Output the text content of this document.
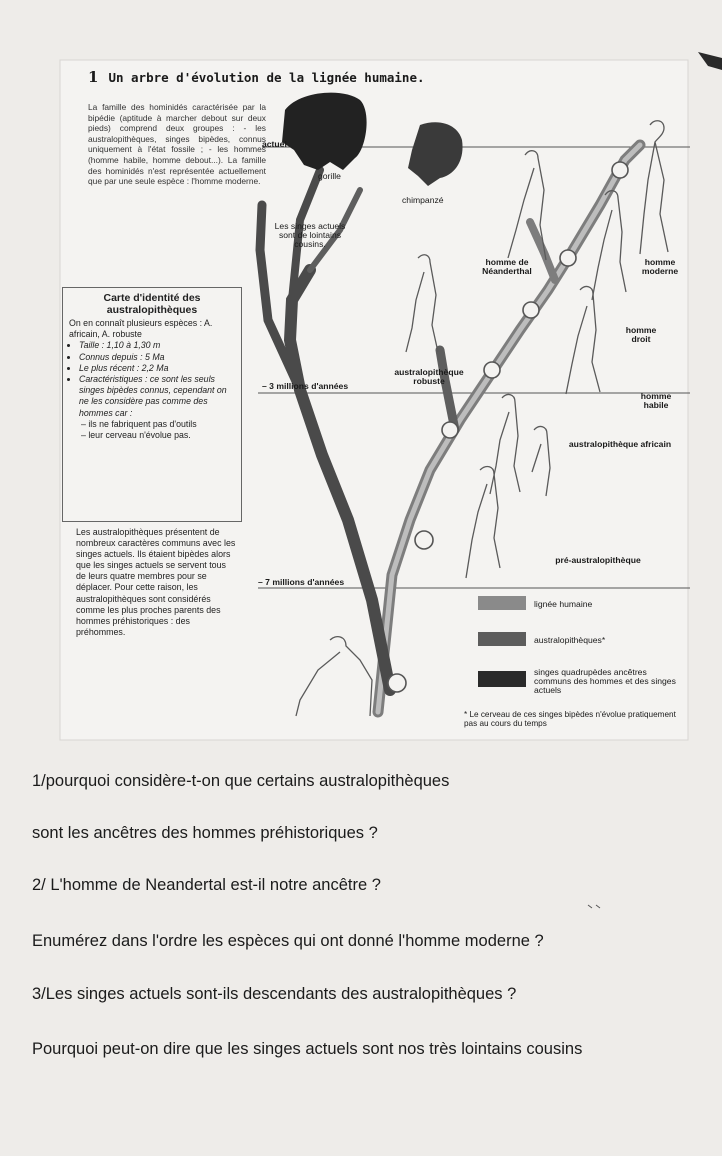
1 Un arbre d'évolution de la lignée humaine.
La famille des hominidés caractérisée par la bipédie (aptitude à marcher debout sur deux pieds) comprend deux groupes : - les australopithèques, singes bipèdes, connus uniquement à l'état fossile ; - les hommes (homme habile, homme debout...). La famille des hominidés n'est représentée actuellement que par une seule espèce : l'homme moderne.
Carte d'identité des australopithèques
On en connaît plusieurs espèces : A. africain, A. robuste
• Taille : 1,10 à 1,30 m
• Connus depuis : 5 Ma
• Le plus récent : 2,2 Ma
• Caractéristiques : ce sont les seuls singes bipèdes connus, cependant on ne les considère pas comme des hommes car :
– ils ne fabriquent pas d'outils
– leur cerveau n'évolue pas.
Les australopithèques présentent de nombreux caractères communs avec les singes actuels. Ils étaient bipèdes alors que les singes actuels se servent tous de leurs quatre membres pour se déplacer. Pour cette raison, les australopithèques sont considérés comme les plus proches parents des hommes préhistoriques : des préhommes.
actuel
gorille
chimpanzé
Les singes actuels sont de lointains cousins.
homme de Néanderthal
homme moderne
homme droit
australopithèque robuste
– 3 millions d'années
homme habile
australopithèque africain
pré-australopithèque
– 7 millions d'années
lignée humaine
australopithèques*
singes quadrupèdes ancêtres communs des hommes et des singes actuels
* Le cerveau de ces singes bipèdes n'évolue pratiquement pas au cours du temps
1/pourquoi considère-t-on que certains australopithèques
sont les ancêtres des hommes préhistoriques ?
2/ L'homme de Neandertal est-il notre ancêtre ?
Enumérez dans l'ordre les espèces qui ont donné l'homme moderne ?
3/Les singes actuels sont-ils descendants des australopithèques ?
Pourquoi peut-on dire que les singes actuels sont nos très lointains cousins
